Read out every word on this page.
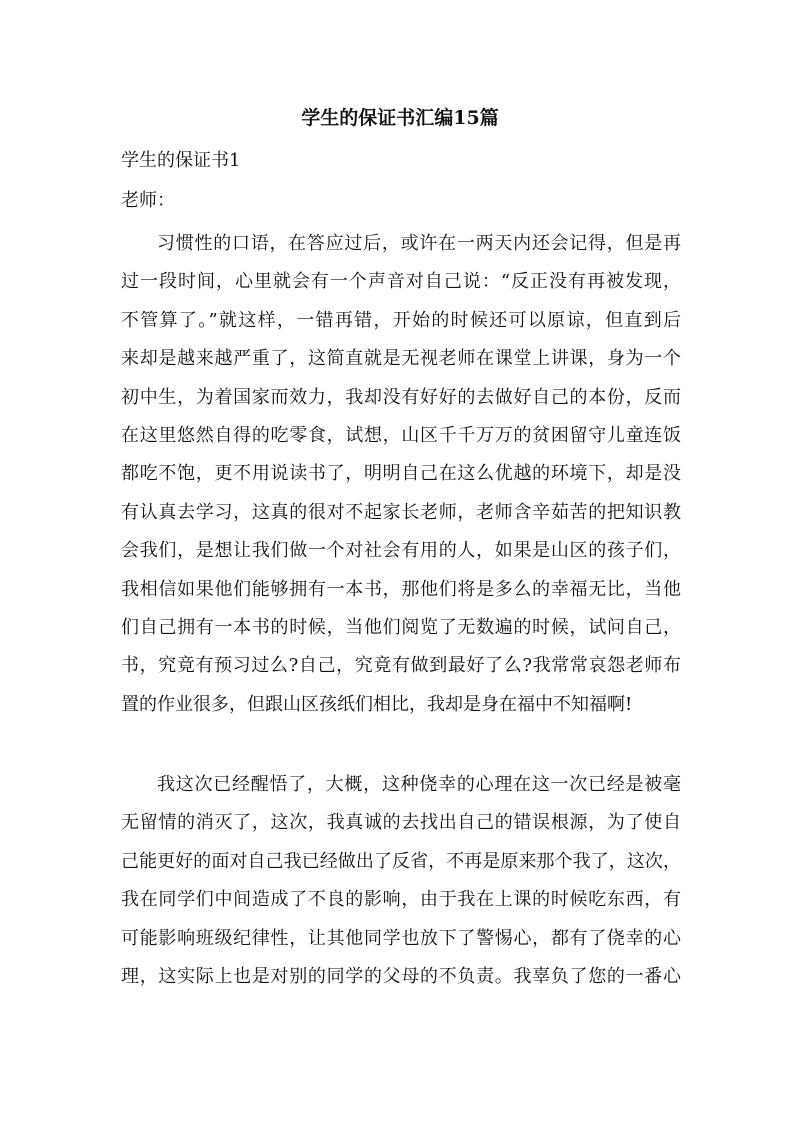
学生的保证书汇编15篇

学生的保证书1

老师：

习惯性的口语，在答应过后，或许在一两天内还会记得，但是再
过一段时间，心里就会有一个声音对自己说：“反正没有再被发现，
不管算了。”就这样，一错再错，开始的时候还可以原谅，但直到后
来却是越来越严重了，这简直就是无视老师在课堂上讲课，身为一个
初中生，为着国家而效力，我却没有好好的去做好自己的本份，反而
在这里悠然自得的吃零食，试想，山区千千万万的贫困留守儿童连饭
都吃不饱，更不用说读书了，明明自己在这么优越的环境下，却是没
有认真去学习，这真的很对不起家长老师，老师含辛茹苦的把知识教
会我们，是想让我们做一个对社会有用的人，如果是山区的孩子们，
我相信如果他们能够拥有一本书，那他们将是多么的幸福无比，当他
们自己拥有一本书的时候，当他们阅览了无数遍的时候，试问自己，
书，究竟有预习过么?自己，究竟有做到最好了么?我常常哀怨老师布
置的作业很多，但跟山区孩纸们相比，我却是身在福中不知福啊!
我这次已经醒悟了，大概，这种侥幸的心理在这一次已经是被毫
无留情的消灭了，这次，我真诚的去找出自己的错误根源，为了使自
己能更好的面对自己我已经做出了反省，不再是原来那个我了，这次，
我在同学们中间造成了不良的影响，由于我在上课的时候吃东西，有
可能影响班级纪律性，让其他同学也放下了警惕心，都有了侥幸的心
理，这实际上也是对别的同学的父母的不负责。我辜负了您的一番心
